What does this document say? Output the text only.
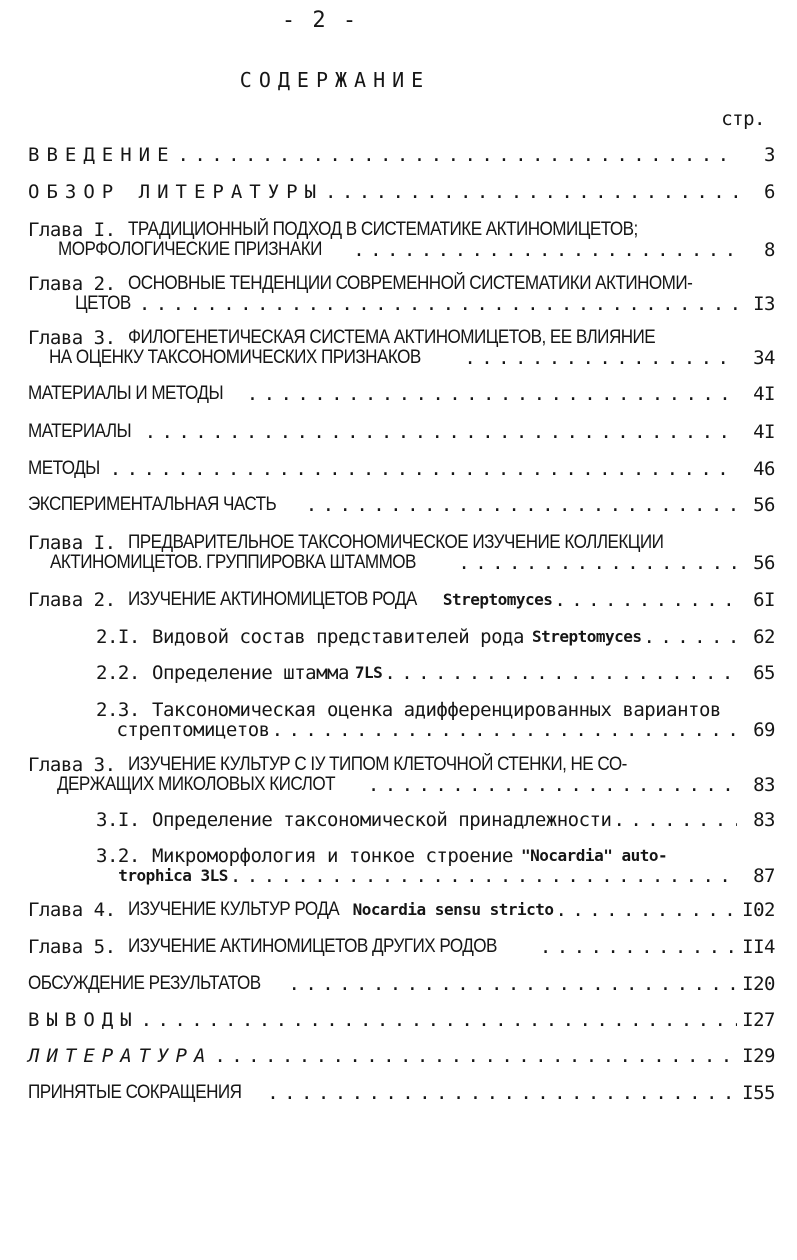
- 2 -
СОДЕРЖАНИЕ
стр.
ВВЕДЕНИЕ . . .	3
ОБЗОР ЛИТЕРАТУРЫ . . .	6
Глава I. ТРАДИЦИОННЫЙ ПОДХОД В СИСТЕМАТИКЕ АКТИНОМИЦЕТОВ;
МОРФОЛОГИЧЕСКИЕ ПРИЗНАКИ . . .	8
Глава 2. ОСНОВНЫЕ ТЕНДЕНЦИИ СОВРЕМЕННОЙ СИСТЕМАТИКИ АКТИНОМИ-
ЦЕТОВ . . .	I3
Глава 3. ФИЛОГЕНЕТИЧЕСКАЯ СИСТЕМА АКТИНОМИЦЕТОВ, ЕЕ ВЛИЯНИЕ
НА ОЦЕНКУ ТАКСОНОМИЧЕСКИХ ПРИЗНАКОВ . . .	34
МАТЕРИАЛЫ И МЕТОДЫ . . .	4I
МАТЕРИАЛЫ . . .	4I
МЕТОДЫ . . .	46
ЭКСПЕРИМЕНТАЛЬНАЯ ЧАСТЬ . . .	56
Глава I. ПРЕДВАРИТЕЛЬНОЕ ТАКСОНОМИЧЕСКОЕ ИЗУЧЕНИЕ КОЛЛЕКЦИИ
АКТИНОМИЦЕТОВ. ГРУППИРОВКА ШТАММОВ . . .	56
Глава 2. ИЗУЧЕНИЕ АКТИНОМИЦЕТОВ РОДА Streptomyces . . .	6I
2.I. Видовой состав представителей рода Streptomyces . . .	62
2.2. Определение штамма 7LS . . .	65
2.3. Таксономическая оценка адифференцированных вариантов
стрептомицетов . . .	69
Глава 3. ИЗУЧЕНИЕ КУЛЬТУР С IУ ТИПОМ КЛЕТОЧНОЙ СТЕНКИ, НЕ СО-
ДЕРЖАЩИХ МИКОЛОВЫХ КИСЛОТ . . .	83
3.I. Определение таксономической принадлежности . . .	83
3.2. Микроморфология и тонкое строение "Nocardia" auto-
trophica 3LS . . .	87
Глава 4. ИЗУЧЕНИЕ КУЛЬТУР РОДА Nocardia sensu stricto . . .	I02
Глава 5. ИЗУЧЕНИЕ АКТИНОМИЦЕТОВ ДРУГИХ РОДОВ . . .	II4
ОБСУЖДЕНИЕ РЕЗУЛЬТАТОВ . . .	I20
ВЫВОДЫ . . .	I27
ЛИТЕРАТУРА . . .	I29
ПРИНЯТЫЕ СОКРАЩЕНИЯ . . .	I55
